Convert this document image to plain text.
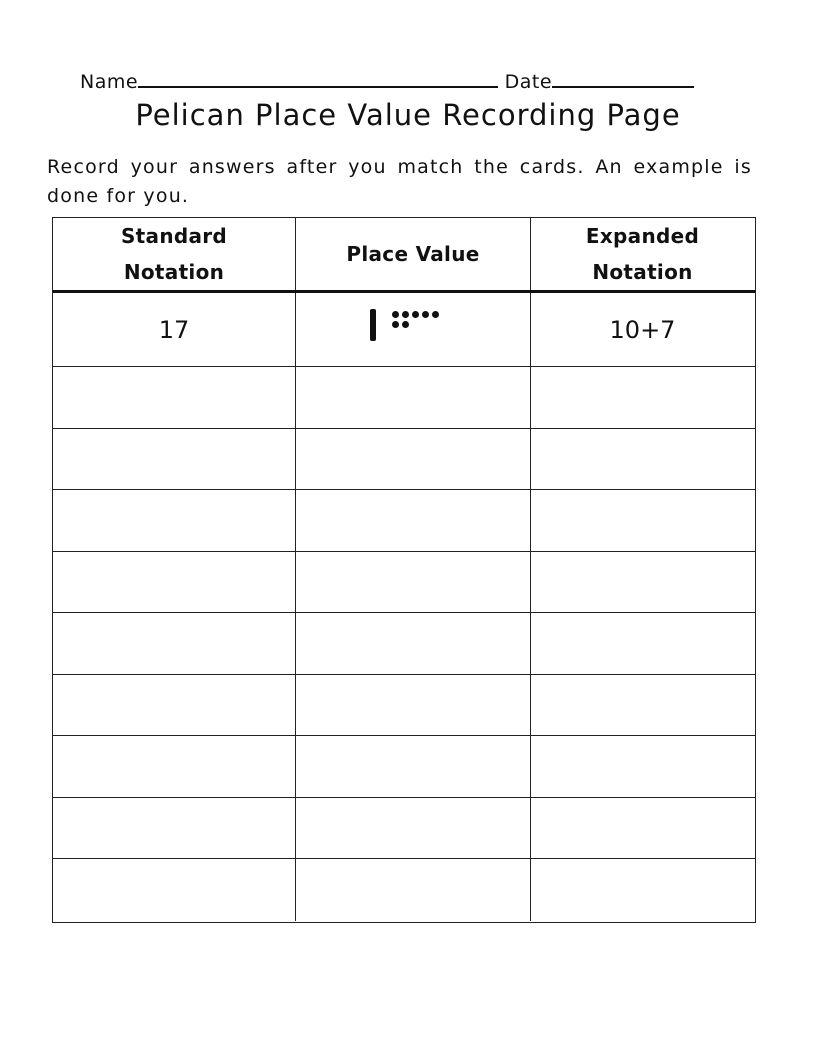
Name	Date
Pelican Place Value Recording Page
Record your answers after you match the cards. An example is done for you.
Standard
Notation
Place Value
Expanded
Notation
17	10+7
